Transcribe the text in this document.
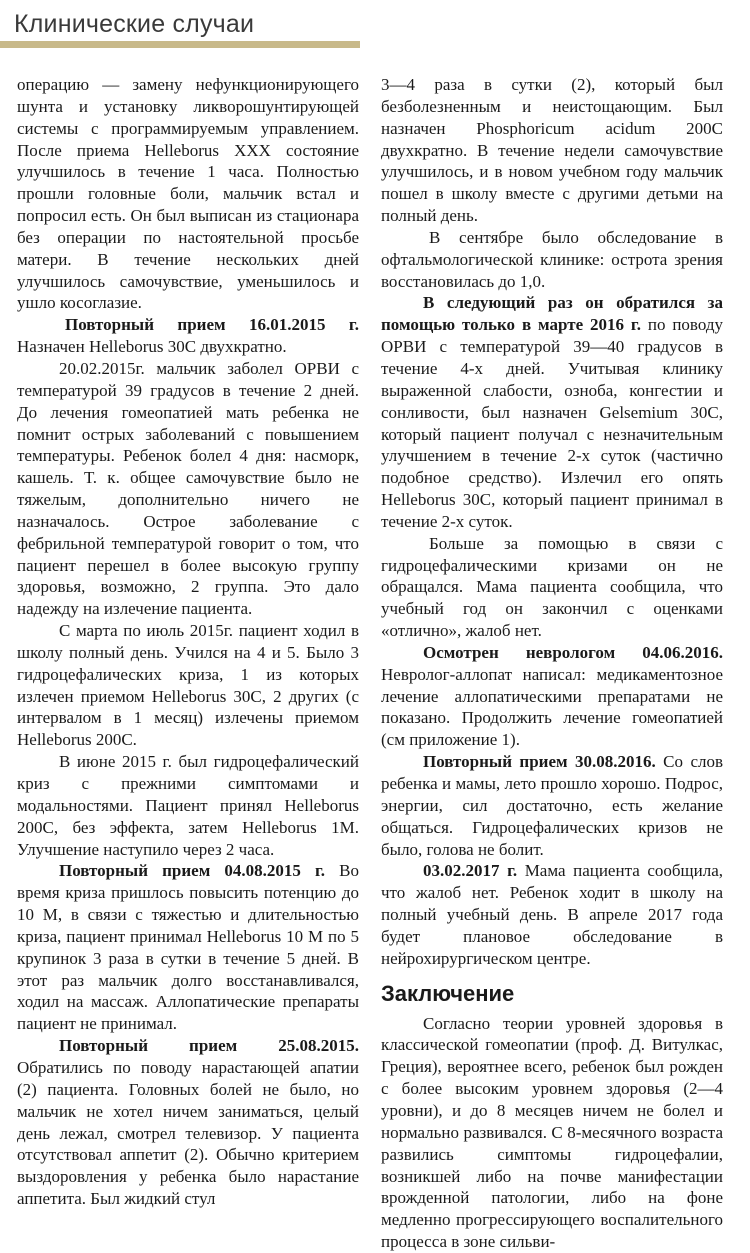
Клинические случаи

операцию — замену нефункционирующего шунта и установку ликворошунтирующей системы с программируемым управлением. После приема Helleborus ХХХ состояние улучшилось в течение 1 часа. Полностью прошли головные боли, мальчик встал и попросил есть. Он был выписан из стационара без операции по настоятельной просьбе матери. В течение нескольких дней улучшилось самочувствие, уменьшилось и ушло косоглазие.

Повторный прием 16.01.2015 г. Назначен Helleborus 30С двухкратно.

20.02.2015г. мальчик заболел ОРВИ с температурой 39 градусов в течение 2 дней. До лечения гомеопатией мать ребенка не помнит острых заболеваний с повышением температуры. Ребенок болел 4 дня: насморк, кашель. Т. к. общее самочувствие было не тяжелым, дополнительно ничего не назначалось. Острое заболевание с фебрильной температурой говорит о том, что пациент перешел в более высокую группу здоровья, возможно, 2 группа. Это дало надежду на излечение пациента.

С марта по июль 2015г. пациент ходил в школу полный день. Учился на 4 и 5. Было 3 гидроцефалических криза, 1 из которых излечен приемом Helleborus 30С, 2 других (с интервалом в 1 месяц) излечены приемом Helleborus 200С.

В июне 2015 г. был гидроцефалический криз с прежними симптомами и модальностями. Пациент принял Helleborus 200С, без эффекта, затем Helleborus 1М. Улучшение наступило через 2 часа.

Повторный прием 04.08.2015 г. Во время криза пришлось повысить потенцию до 10 М, в связи с тяжестью и длительностью криза, пациент принимал Helleborus 10 М по 5 крупинок 3 раза в сутки в течение 5 дней. В этот раз мальчик долго восстанавливался, ходил на массаж. Аллопатические препараты пациент не принимал.

Повторный прием 25.08.2015. Обратились по поводу нарастающей апатии (2) пациента. Головных болей не было, но мальчик не хотел ничем заниматься, целый день лежал, смотрел телевизор. У пациента отсутствовал аппетит (2). Обычно критерием выздоровления у ребенка было нарастание аппетита. Был жидкий стул

3—4 раза в сутки (2), который был безболезненным и неистощающим. Был назначен Phosphoricum acidum 200С двухкратно. В течение недели самочувствие улучшилось, и в новом учебном году мальчик пошел в школу вместе с другими детьми на полный день.

В сентябре было обследование в офтальмологической клинике: острота зрения восстановилась до 1,0.

В следующий раз он обратился за помощью только в марте 2016 г. по поводу ОРВИ с температурой 39—40 градусов в течение 4-х дней. Учитывая клинику выраженной слабости, озноба, конгестии и сонливости, был назначен Gelsemium 30С, который пациент получал с незначительным улучшением в течение 2-х суток (частично подобное средство). Излечил его опять Helleborus 30С, который пациент принимал в течение 2-х суток.

Больше за помощью в связи с гидроцефалическими кризами он не обращался. Мама пациента сообщила, что учебный год он закончил с оценками «отлично», жалоб нет.

Осмотрен неврологом 04.06.2016. Невролог-аллопат написал: медикаментозное лечение аллопатическими препаратами не показано. Продолжить лечение гомеопатией (см приложение 1).

Повторный прием 30.08.2016. Со слов ребенка и мамы, лето прошло хорошо. Подрос, энергии, сил достаточно, есть желание общаться. Гидроцефалических кризов не было, голова не болит.

03.02.2017 г. Мама пациента сообщила, что жалоб нет. Ребенок ходит в школу на полный учебный день. В апреле 2017 года будет плановое обследование в нейрохирургическом центре.

Заключение

Согласно теории уровней здоровья в классической гомеопатии (проф. Д. Витулкас, Греция), вероятнее всего, ребенок был рожден с более высоким уровнем здоровья (2—4 уровни), и до 8 месяцев ничем не болел и нормально развивался. С 8-месячного возраста развились симптомы гидроцефалии, возникшей либо на почве манифестации врожденной патологии, либо на фоне медленно прогрессирующего воспалительного процесса в зоне сильви-
